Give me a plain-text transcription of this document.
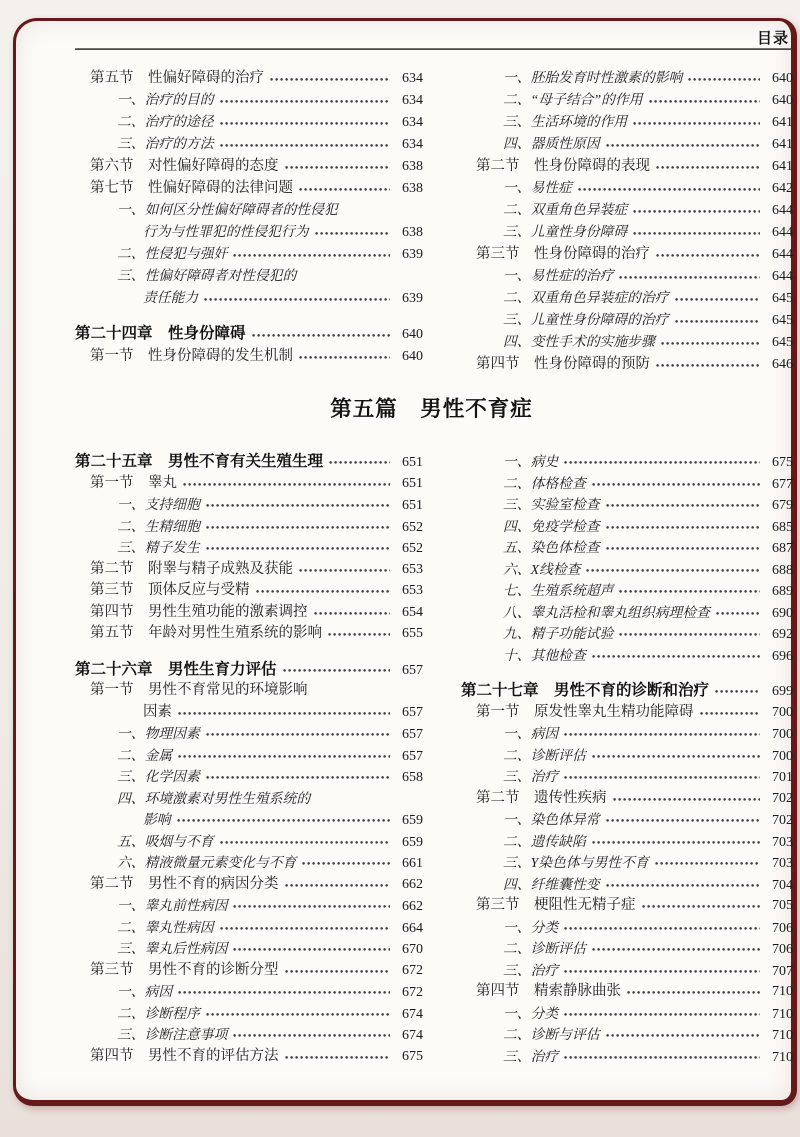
目录
第五节　性偏好障碍的治疗	634
一、治疗的目的	634
二、治疗的途径	634
三、治疗的方法	634
第六节　对性偏好障碍的态度	638
第七节　性偏好障碍的法律问题	638
一、如何区分性偏好障碍者的性侵犯
行为与性罪犯的性侵犯行为	638
二、性侵犯与强奸	639
三、性偏好障碍者对性侵犯的
责任能力	639
第二十四章　性身份障碍	640
第一节　性身份障碍的发生机制	640
一、胚胎发育时性激素的影响	640
二、“母子结合”的作用	640
三、生活环境的作用	641
四、器质性原因	641
第二节　性身份障碍的表现	641
一、易性症	642
二、双重角色异装症	644
三、儿童性身份障碍	644
第三节　性身份障碍的治疗	644
一、易性症的治疗	644
二、双重角色异装症的治疗	645
三、儿童性身份障碍的治疗	645
四、变性手术的实施步骤	645
第四节　性身份障碍的预防	646
第五篇　男性不育症
第二十五章　男性不育有关生殖生理	651
第一节　睾丸	651
一、支持细胞	651
二、生精细胞	652
三、精子发生	652
第二节　附睾与精子成熟及获能	653
第三节　顶体反应与受精	653
第四节　男性生殖功能的激素调控	654
第五节　年龄对男性生殖系统的影响	655
第二十六章　男性生育力评估	657
第一节　男性不育常见的环境影响
因素	657
一、物理因素	657
二、金属	657
三、化学因素	658
四、环境激素对男性生殖系统的
影响	659
五、吸烟与不育	659
六、精液微量元素变化与不育	661
第二节　男性不育的病因分类	662
一、睾丸前性病因	662
二、睾丸性病因	664
三、睾丸后性病因	670
第三节　男性不育的诊断分型	672
一、病因	672
二、诊断程序	674
三、诊断注意事项	674
第四节　男性不育的评估方法	675
一、病史	675
二、体格检查	677
三、实验室检查	679
四、免疫学检查	685
五、染色体检查	687
六、X线检查	688
七、生殖系统超声	689
八、睾丸活检和睾丸组织病理检查	690
九、精子功能试验	692
十、其他检查	696
第二十七章　男性不育的诊断和治疗	699
第一节　原发性睾丸生精功能障碍	700
一、病因	700
二、诊断评估	700
三、治疗	701
第二节　遗传性疾病	702
一、染色体异常	702
二、遗传缺陷	703
三、Y染色体与男性不育	703
四、纤维囊性变	704
第三节　梗阻性无精子症	705
一、分类	706
二、诊断评估	706
三、治疗	707
第四节　精索静脉曲张	710
一、分类	710
二、诊断与评估	710
三、治疗	710
